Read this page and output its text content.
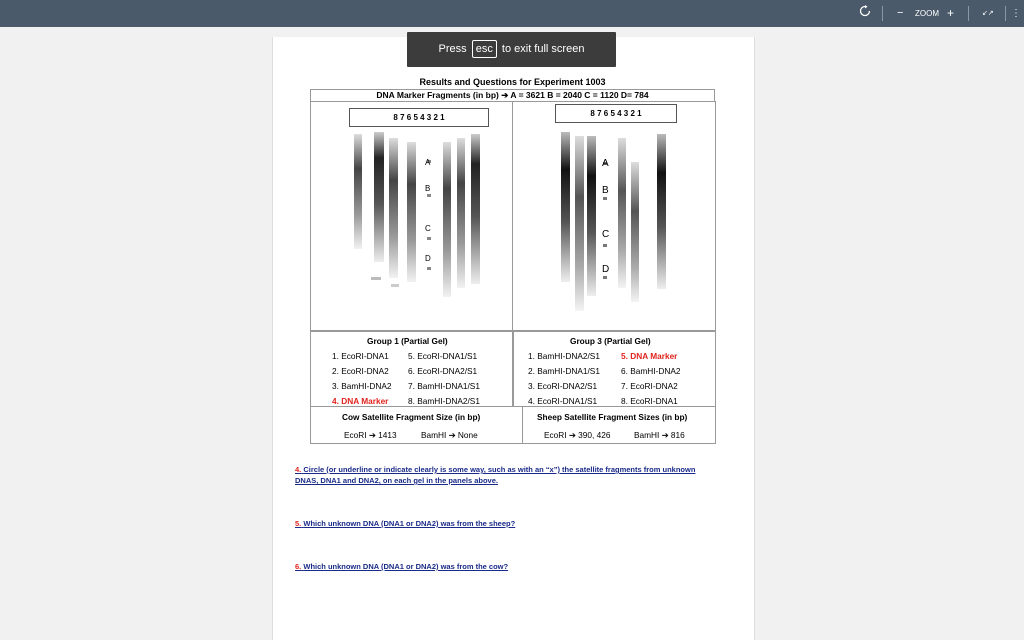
− ZOOM +	↙↗ ⋮
Results and Questions for Experiment 1003
DNA Marker Fragments (in bp) ➔ A = 3621 B = 2040 C = 1120 D= 784
8 7 6 5 4 3 2 1
A
B
C
D
8 7 6 5 4 3 2 1
A
B
C
D
Group 1 (Partial Gel)
1. EcoRI-DNA1
2. EcoRI-DNA2
3. BamHI-DNA2
4. DNA Marker
5. EcoRI-DNA1/S1
6. EcoRI-DNA2/S1
7. BamHI-DNA1/S1
8. BamHI-DNA2/S1
Group 3 (Partial Gel)
1. BamHI-DNA2/S1
2. BamHI-DNA1/S1
3. EcoRI-DNA2/S1
4. EcoRI-DNA1/S1
5. DNA Marker
6. BamHI-DNA2
7. EcoRI-DNA2
8. EcoRI-DNA1
Cow Satellite Fragment Size (in bp)
EcoRI ➔ 1413	BamHI ➔ None
Sheep Satellite Fragment Sizes (in bp)
EcoRI ➔ 390, 426	BamHI ➔ 816
4. Circle (or underline or indicate clearly is some way, such as with an “x”) the satellite fragments from unknown
DNAS, DNA1 and DNA2, on each gel in the panels above.
5. Which unknown DNA (DNA1 or DNA2) was from the sheep?
6. Which unknown DNA (DNA1 or DNA2) was from the cow?
Press esc to exit full screen
